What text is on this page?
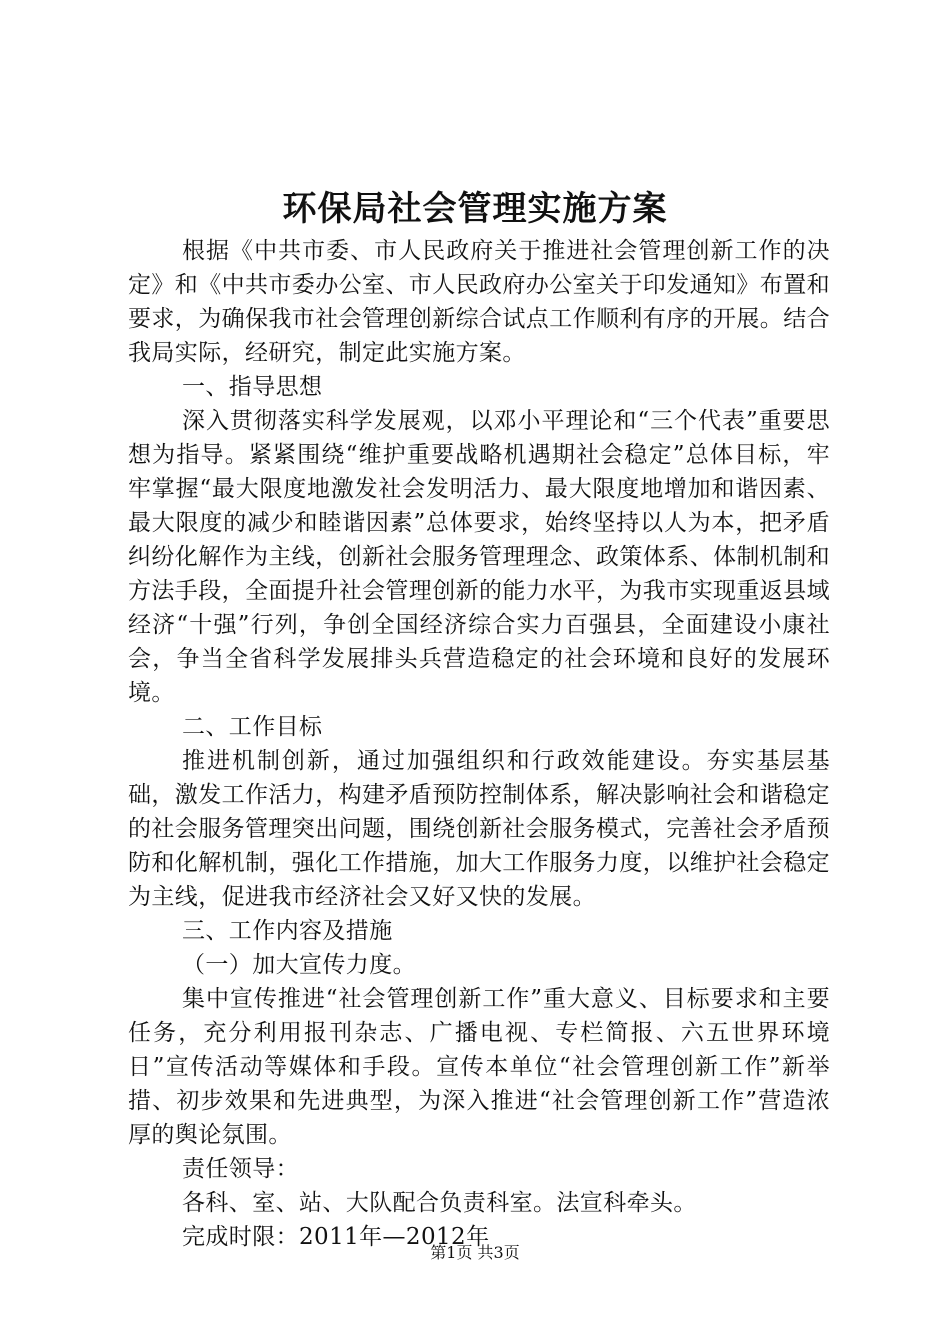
环保局社会管理实施方案

根据《中共市委、市人民政府关于推进社会管理创新工作的决定》和《中共市委办公室、市人民政府办公室关于印发通知》布置和要求，为确保我市社会管理创新综合试点工作顺利有序的开展。结合我局实际，经研究，制定此实施方案。

一、指导思想

深入贯彻落实科学发展观，以邓小平理论和“三个代表”重要思想为指导。紧紧围绕“维护重要战略机遇期社会稳定”总体目标，牢牢掌握“最大限度地激发社会发明活力、最大限度地增加和谐因素、最大限度的减少和睦谐因素”总体要求，始终坚持以人为本，把矛盾纠纷化解作为主线，创新社会服务管理理念、政策体系、体制机制和方法手段，全面提升社会管理创新的能力水平，为我市实现重返县域经济“十强”行列，争创全国经济综合实力百强县，全面建设小康社会，争当全省科学发展排头兵营造稳定的社会环境和良好的发展环境。

二、工作目标

推进机制创新，通过加强组织和行政效能建设。夯实基层基础，激发工作活力，构建矛盾预防控制体系，解决影响社会和谐稳定的社会服务管理突出问题，围绕创新社会服务模式，完善社会矛盾预防和化解机制，强化工作措施，加大工作服务力度，以维护社会稳定为主线，促进我市经济社会又好又快的发展。

三、工作内容及措施

（一）加大宣传力度。

集中宣传推进“社会管理创新工作”重大意义、目标要求和主要任务，充分利用报刊杂志、广播电视、专栏简报、六五世界环境日”宣传活动等媒体和手段。宣传本单位“社会管理创新工作”新举措、初步效果和先进典型，为深入推进“社会管理创新工作”营造浓厚的舆论氛围。

责任领导：

各科、室、站、大队配合负责科室。法宣科牵头。

完成时限：2011年—2012年

第1页 共3页
